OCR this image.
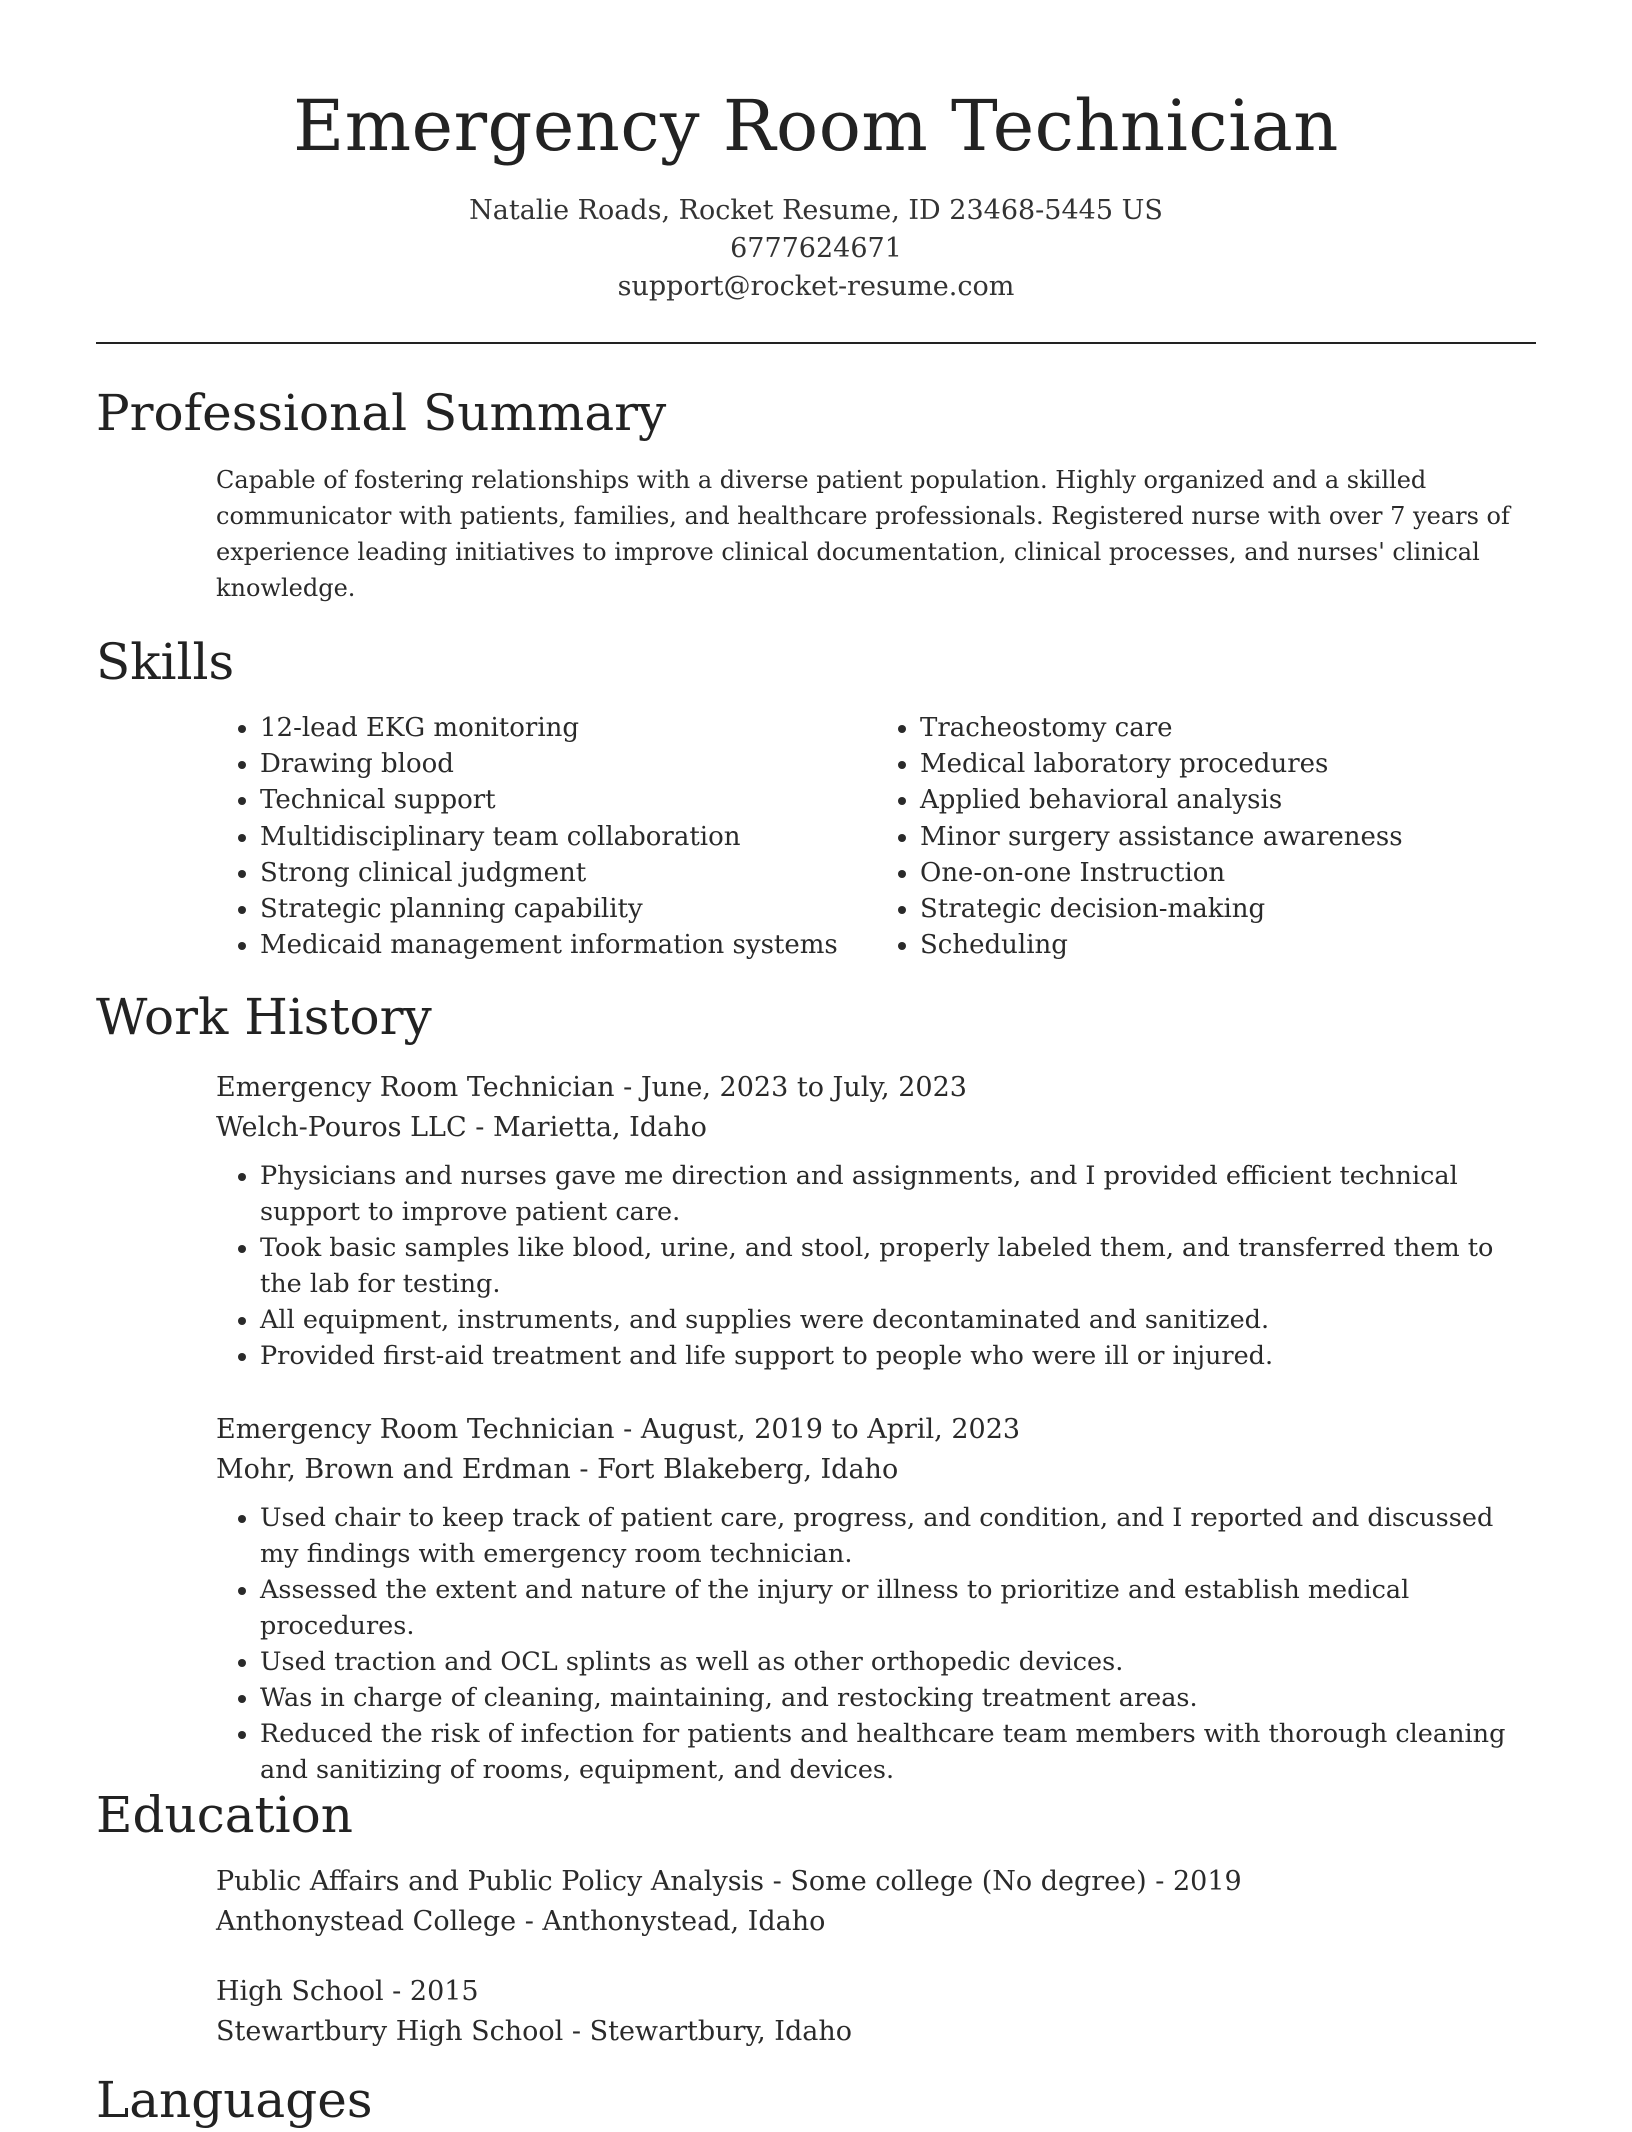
Emergency Room Technician
Natalie Roads, Rocket Resume, ID 23468-5445 US
6777624671
support@rocket-resume.com
Professional Summary

Capable of fostering relationships with a diverse patient population. Highly organized and a skilled communicator with patients, families, and healthcare professionals. Registered nurse with over 7 years of experience leading initiatives to improve clinical documentation, clinical processes, and nurses' clinical knowledge.

Skills
• 12-lead EKG monitoring
• Drawing blood
• Technical support
• Multidisciplinary team collaboration
• Strong clinical judgment
• Strategic planning capability
• Medicaid management information systems
• Tracheostomy care
• Medical laboratory procedures
• Applied behavioral analysis
• Minor surgery assistance awareness
• One-on-one Instruction
• Strategic decision-making
• Scheduling
Work History
Emergency Room Technician - June, 2023 to July, 2023
Welch-Pouros LLC - Marietta, Idaho
• Physicians and nurses gave me direction and assignments, and I provided efficient technical support to improve patient care.
• Took basic samples like blood, urine, and stool, properly labeled them, and transferred them to the lab for testing.
• All equipment, instruments, and supplies were decontaminated and sanitized.
• Provided first-aid treatment and life support to people who were ill or injured.
Emergency Room Technician - August, 2019 to April, 2023
Mohr, Brown and Erdman - Fort Blakeberg, Idaho
• Used chair to keep track of patient care, progress, and condition, and I reported and discussed my findings with emergency room technician.
• Assessed the extent and nature of the injury or illness to prioritize and establish medical procedures.
• Used traction and OCL splints as well as other orthopedic devices.
• Was in charge of cleaning, maintaining, and restocking treatment areas.
• Reduced the risk of infection for patients and healthcare team members with thorough cleaning and sanitizing of rooms, equipment, and devices.
Education
Public Affairs and Public Policy Analysis - Some college (No degree) - 2019
Anthonystead College - Anthonystead, Idaho
High School - 2015
Stewartbury High School - Stewartbury, Idaho
Languages
